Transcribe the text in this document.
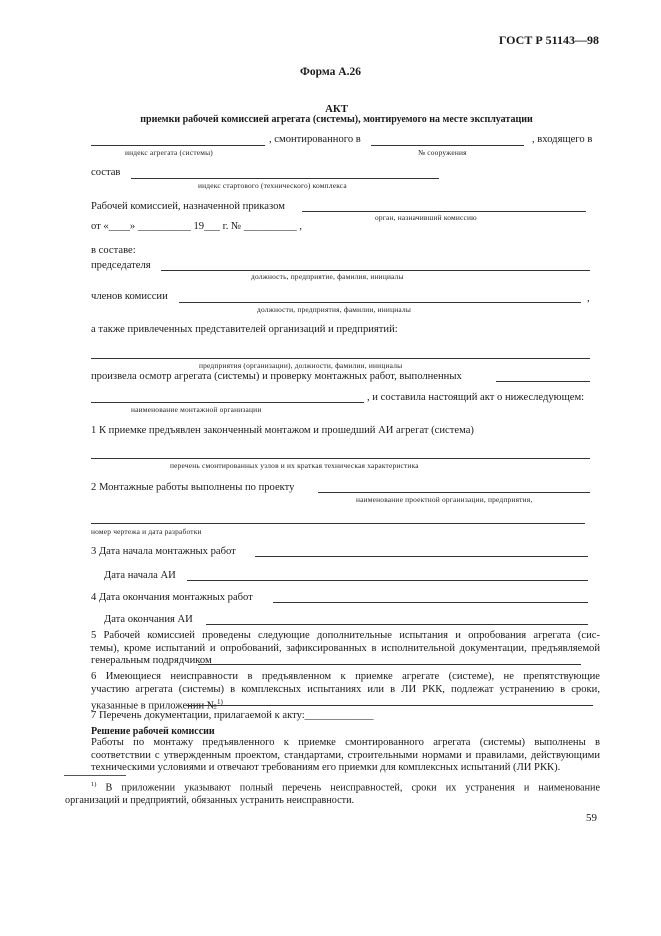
ГОСТ Р 51143—98
Форма А.26
АКТ
приемки рабочей комиссией агрегата (системы), монтируемого на месте эксплуатации
, смонтированного в	, входящего в
индекс агрегата (системы)	№ сооружения
состав
индекс стартового (технического) комплекса
Рабочей комиссией, назначенной приказом
орган, назначивший комиссию
от «____» __________ 19___ г. № __________ ,
в составе:
председателя
должность, предприятие, фамилия, инициалы
членов комиссии	,
должности, предприятия, фамилии, инициалы
а также привлеченных представителей организаций и предприятий:
предприятия (организации), должности, фамилии, инициалы
произвела осмотр агрегата (системы) и проверку монтажных работ, выполненных
, и составила настоящий акт о нижеследующем:
наименование монтажной организации
1 К приемке предъявлен законченный монтажом и прошедший АИ агрегат (система)
перечень смонтированных узлов и их краткая техническая характеристика
2 Монтажные работы выполнены по проекту
наименование проектной организации, предприятия,
номер чертежа и дата разработки
3 Дата начала монтажных работ
Дата начала АИ
4 Дата окончания монтажных работ
Дата окончания АИ
5 Рабочей комиссией проведены следующие дополнительные испытания и опробования агрегата (сис-
темы), кроме испытаний и опробований, зафиксированных в исполнительной документации, предъявляемой
генеральным подрядчиком
6 Имеющиеся неисправности в предъявленном к приемке агрегате (системе), не препятствующие
участию агрегата (системы) в комплексных испытаниях или в ЛИ РКК, подлежат устранению в сроки,
указанные в приложении №$^{1)}$
7 Перечень документации, прилагаемой к акту:_____________
Решение рабочей комиссии
Работы по монтажу предъявленного к приемке смонтированного агрегата (системы) выполнены в
соответствии с утвержденным проектом, стандартами, строительными нормами и правилами, действующими
техническими условиями и отвечают требованиям его приемки для комплексных испытаний (ЛИ РКК).
$^{1)}$ В приложении указывают полный перечень неисправностей, сроки их устранения и наименование
организаций и предприятий, обязанных устранить неисправности.
59
